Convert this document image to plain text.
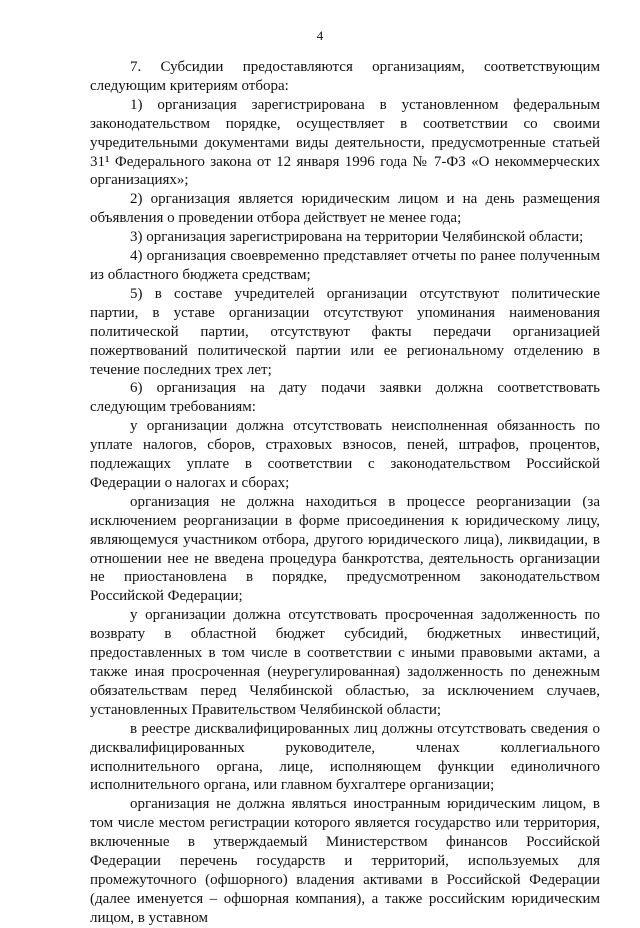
4

7. Субсидии предоставляются организациям, соответствующим следующим критериям отбора:

1) организация зарегистрирована в установленном федеральным законодательством порядке, осуществляет в соответствии со своими учредительными документами виды деятельности, предусмотренные статьей 31¹ Федерального закона от 12 января 1996 года № 7-ФЗ «О некоммерческих организациях»;

2) организация является юридическим лицом и на день размещения объявления о проведении отбора действует не менее года;

3) организация зарегистрирована на территории Челябинской области;

4) организация своевременно представляет отчеты по ранее полученным из областного бюджета средствам;

5) в составе учредителей организации отсутствуют политические партии, в уставе организации отсутствуют упоминания наименования политической партии, отсутствуют факты передачи организацией пожертвований политической партии или ее региональному отделению в течение последних трех лет;

6) организация на дату подачи заявки должна соответствовать следующим требованиям:

у организации должна отсутствовать неисполненная обязанность по уплате налогов, сборов, страховых взносов, пеней, штрафов, процентов, подлежащих уплате в соответствии с законодательством Российской Федерации о налогах и сборах;

организация не должна находиться в процессе реорганизации (за исключением реорганизации в форме присоединения к юридическому лицу, являющемуся участником отбора, другого юридического лица), ликвидации, в отношении нее не введена процедура банкротства, деятельность организации не приостановлена в порядке, предусмотренном законодательством Российской Федерации;

у организации должна отсутствовать просроченная задолженность по возврату в областной бюджет субсидий, бюджетных инвестиций, предоставленных в том числе в соответствии с иными правовыми актами, а также иная просроченная (неурегулированная) задолженность по денежным обязательствам перед Челябинской областью, за исключением случаев, установленных Правительством Челябинской области;

в реестре дисквалифицированных лиц должны отсутствовать сведения о дисквалифицированных руководителе, членах коллегиального исполнительного органа, лице, исполняющем функции единоличного исполнительного органа, или главном бухгалтере организации;

организация не должна являться иностранным юридическим лицом, в том числе местом регистрации которого является государство или территория, включенные в утверждаемый Министерством финансов Российской Федерации перечень государств и территорий, используемых для промежуточного (офшорного) владения активами в Российской Федерации (далее именуется – офшорная компания), а также российским юридическим лицом, в уставном
